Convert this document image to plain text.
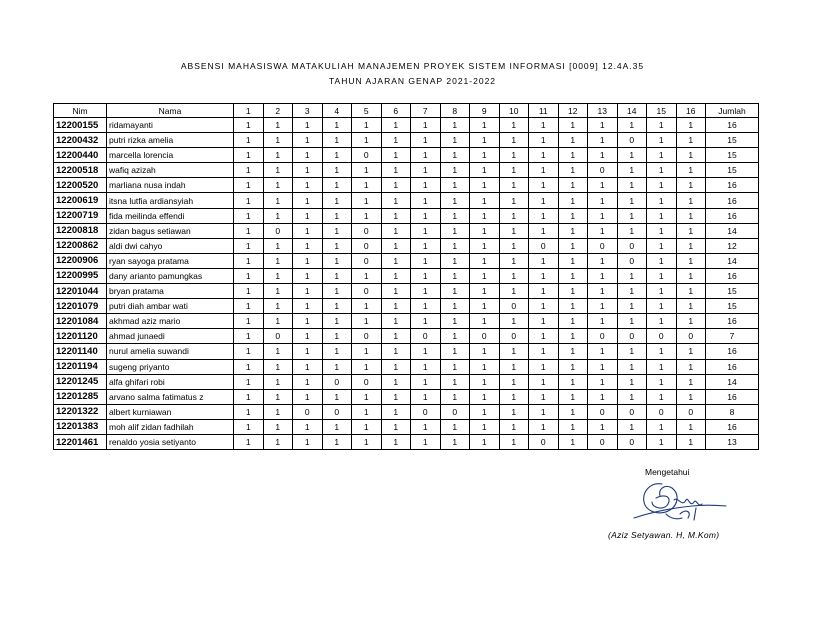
ABSENSI MAHASISWA MATAKULIAH MANAJEMEN PROYEK SISTEM INFORMASI [0009] 12.4A.35
TAHUN AJARAN GENAP 2021-2022
Nim	Nama	1	2	3	4	5	6	7	8	9	10	11	12	13	14	15	16	Jumlah
12200155	ridamayanti	1	1	1	1	1	1	1	1	1	1	1	1	1	1	1	1	16
12200432	putri rizka amelia	1	1	1	1	1	1	1	1	1	1	1	1	1	0	1	1	15
12200440	marcella lorencia	1	1	1	1	0	1	1	1	1	1	1	1	1	1	1	1	15
12200518	wafiq azizah	1	1	1	1	1	1	1	1	1	1	1	1	0	1	1	1	15
12200520	marliana nusa indah	1	1	1	1	1	1	1	1	1	1	1	1	1	1	1	1	16
12200619	itsna lutfia ardiansyiah	1	1	1	1	1	1	1	1	1	1	1	1	1	1	1	1	16
12200719	fida meilinda effendi	1	1	1	1	1	1	1	1	1	1	1	1	1	1	1	1	16
12200818	zidan bagus setiawan	1	0	1	1	0	1	1	1	1	1	1	1	1	1	1	1	14
12200862	aldi dwi cahyo	1	1	1	1	0	1	1	1	1	1	0	1	0	0	1	1	12
12200906	ryan sayoga pratama	1	1	1	1	0	1	1	1	1	1	1	1	1	0	1	1	14
12200995	dany arianto pamungkas	1	1	1	1	1	1	1	1	1	1	1	1	1	1	1	1	16
12201044	bryan pratama	1	1	1	1	0	1	1	1	1	1	1	1	1	1	1	1	15
12201079	putri diah ambar wati	1	1	1	1	1	1	1	1	1	0	1	1	1	1	1	1	15
12201084	akhmad aziz mario	1	1	1	1	1	1	1	1	1	1	1	1	1	1	1	1	16
12201120	ahmad junaedi	1	0	1	1	0	1	0	1	0	0	1	1	0	0	0	0	7
12201140	nurul amelia suwandi	1	1	1	1	1	1	1	1	1	1	1	1	1	1	1	1	16
12201194	sugeng priyanto	1	1	1	1	1	1	1	1	1	1	1	1	1	1	1	1	16
12201245	alfa ghifari robi	1	1	1	0	0	1	1	1	1	1	1	1	1	1	1	1	14
12201285	arvano salma fatimatus z	1	1	1	1	1	1	1	1	1	1	1	1	1	1	1	1	16
12201322	albert kurniawan	1	1	0	0	1	1	0	0	1	1	1	1	0	0	0	0	8
12201383	moh alif zidan fadhilah	1	1	1	1	1	1	1	1	1	1	1	1	1	1	1	1	16
12201461	renaldo yosia setiyanto	1	1	1	1	1	1	1	1	1	1	0	1	0	0	1	1	13
Mengetahui
(Aziz Setyawan. H, M.Kom)
